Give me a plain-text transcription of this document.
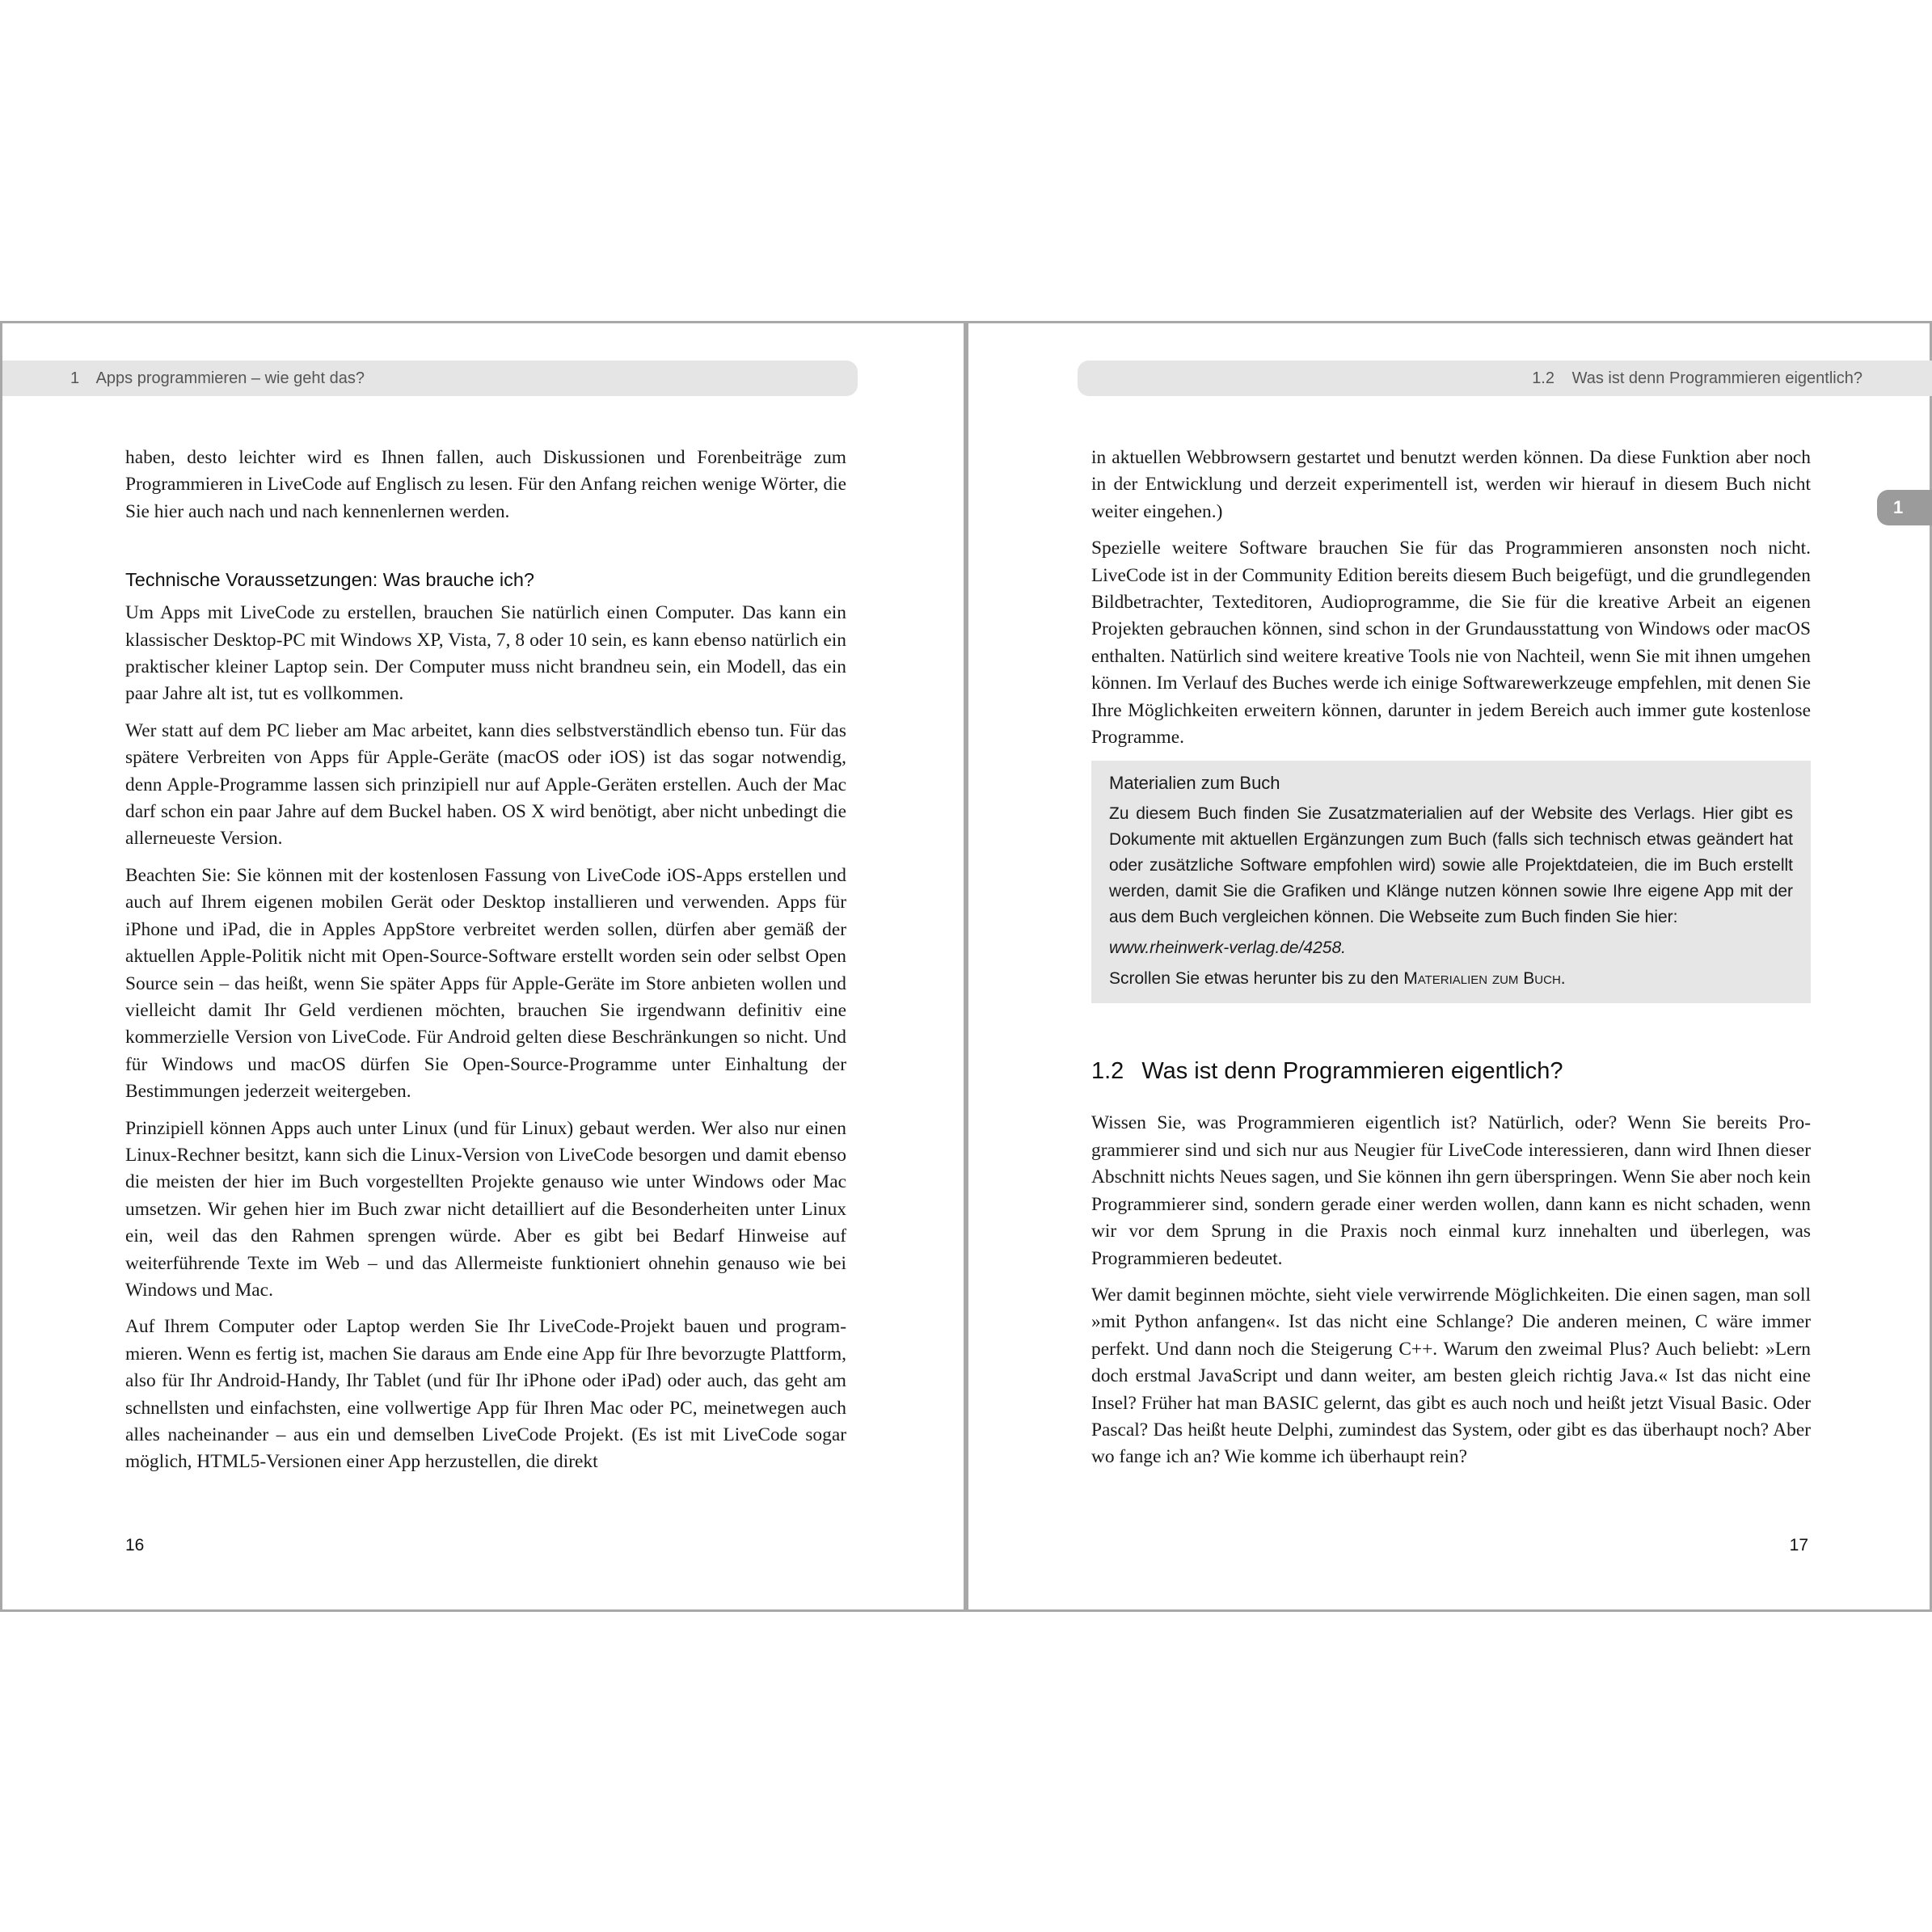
1 Apps programmieren – wie geht das?

haben, desto leichter wird es Ihnen fallen, auch Diskussionen und Forenbeiträge zum Programmieren in LiveCode auf Englisch zu lesen. Für den Anfang reichen wenige Wörter, die Sie hier auch nach und nach kennenlernen werden.

Technische Voraussetzungen: Was brauche ich?

Um Apps mit LiveCode zu erstellen, brauchen Sie natürlich einen Computer. Das kann ein klassischer Desktop-PC mit Windows XP, Vista, 7, 8 oder 10 sein, es kann ebenso natürlich ein praktischer kleiner Laptop sein. Der Computer muss nicht brandneu sein, ein Modell, das ein paar Jahre alt ist, tut es vollkommen.

Wer statt auf dem PC lieber am Mac arbeitet, kann dies selbstverständlich ebenso tun. Für das spätere Verbreiten von Apps für Apple-Geräte (macOS oder iOS) ist das sogar notwendig, denn Apple-Programme lassen sich prinzipiell nur auf Apple-Geräten erstellen. Auch der Mac darf schon ein paar Jahre auf dem Buckel haben. OS X wird benötigt, aber nicht unbedingt die allerneueste Version.

Beachten Sie: Sie können mit der kostenlosen Fassung von LiveCode iOS-Apps erstellen und auch auf Ihrem eigenen mobilen Gerät oder Desktop installieren und verwenden. Apps für iPhone und iPad, die in Apples AppStore verbreitet werden sollen, dürfen aber gemäß der aktuellen Apple-Politik nicht mit Open-Source-Software erstellt worden sein oder selbst Open Source sein – das heißt, wenn Sie später Apps für Apple-Geräte im Store anbieten wollen und vielleicht damit Ihr Geld verdienen möchten, brauchen Sie irgendwann definitiv eine kommerzielle Version von LiveCode. Für Android gelten diese Beschränkungen so nicht. Und für Windows und macOS dürfen Sie Open-Source-Programme unter Einhaltung der Bestimmungen jederzeit weitergeben.

Prinzipiell können Apps auch unter Linux (und für Linux) gebaut werden. Wer also nur einen Linux-Rechner besitzt, kann sich die Linux-Version von LiveCode besorgen und damit ebenso die meisten der hier im Buch vorgestellten Projekte genauso wie unter Windows oder Mac umsetzen. Wir gehen hier im Buch zwar nicht detailliert auf die Besonderheiten unter Linux ein, weil das den Rahmen sprengen würde. Aber es gibt bei Bedarf Hinweise auf weiterführende Texte im Web – und das Allermeiste funktioniert ohnehin genauso wie bei Windows und Mac.

Auf Ihrem Computer oder Laptop werden Sie Ihr LiveCode-Projekt bauen und programmieren. Wenn es fertig ist, machen Sie daraus am Ende eine App für Ihre bevorzugte Plattform, also für Ihr Android-Handy, Ihr Tablet (und für Ihr iPhone oder iPad) oder auch, das geht am schnellsten und einfachsten, eine vollwertige App für Ihren Mac oder PC, meinetwegen auch alles nacheinander – aus ein und demselben LiveCode Projekt. (Es ist mit LiveCode sogar möglich, HTML5-Versionen einer App herzustellen, die direkt

16
1.2 Was ist denn Programmieren eigentlich?
1

in aktuellen Webbrowsern gestartet und benutzt werden können. Da diese Funktion aber noch in der Entwicklung und derzeit experimentell ist, werden wir hierauf in diesem Buch nicht weiter eingehen.)

Spezielle weitere Software brauchen Sie für das Programmieren ansonsten noch nicht. LiveCode ist in der Community Edition bereits diesem Buch beigefügt, und die grundlegenden Bildbetrachter, Texteditoren, Audioprogramme, die Sie für die kreative Arbeit an eigenen Projekten gebrauchen können, sind schon in der Grundausstattung von Windows oder macOS enthalten. Natürlich sind weitere kreative Tools nie von Nachteil, wenn Sie mit ihnen umgehen können. Im Verlauf des Buches werde ich einige Softwarewerkzeuge empfehlen, mit denen Sie Ihre Möglichkeiten erweitern können, darunter in jedem Bereich auch immer gute kostenlose Programme.

Materialien zum Buch

Zu diesem Buch finden Sie Zusatzmaterialien auf der Website des Verlags. Hier gibt es Dokumente mit aktuellen Ergänzungen zum Buch (falls sich technisch etwas geändert hat oder zusätzliche Software empfohlen wird) sowie alle Projektdateien, die im Buch erstellt werden, damit Sie die Grafiken und Klänge nutzen können sowie Ihre eigene App mit der aus dem Buch vergleichen können. Die Webseite zum Buch finden Sie hier:

www.rheinwerk-verlag.de/4258.

Scrollen Sie etwas herunter bis zu den Materialien zum Buch.

1.2 Was ist denn Programmieren eigentlich?

Wissen Sie, was Programmieren eigentlich ist? Natürlich, oder? Wenn Sie bereits Programmierer sind und sich nur aus Neugier für LiveCode interessieren, dann wird Ihnen dieser Abschnitt nichts Neues sagen, und Sie können ihn gern überspringen. Wenn Sie aber noch kein Programmierer sind, sondern gerade einer werden wollen, dann kann es nicht schaden, wenn wir vor dem Sprung in die Praxis noch einmal kurz innehalten und überlegen, was Programmieren bedeutet.

Wer damit beginnen möchte, sieht viele verwirrende Möglichkeiten. Die einen sagen, man soll »mit Python anfangen«. Ist das nicht eine Schlange? Die anderen meinen, C wäre immer perfekt. Und dann noch die Steigerung C++. Warum den zweimal Plus? Auch beliebt: »Lern doch erstmal JavaScript und dann weiter, am besten gleich richtig Java.« Ist das nicht eine Insel? Früher hat man BASIC gelernt, das gibt es auch noch und heißt jetzt Visual Basic. Oder Pascal? Das heißt heute Delphi, zumindest das System, oder gibt es das überhaupt noch? Aber wo fange ich an? Wie komme ich überhaupt rein?

17
